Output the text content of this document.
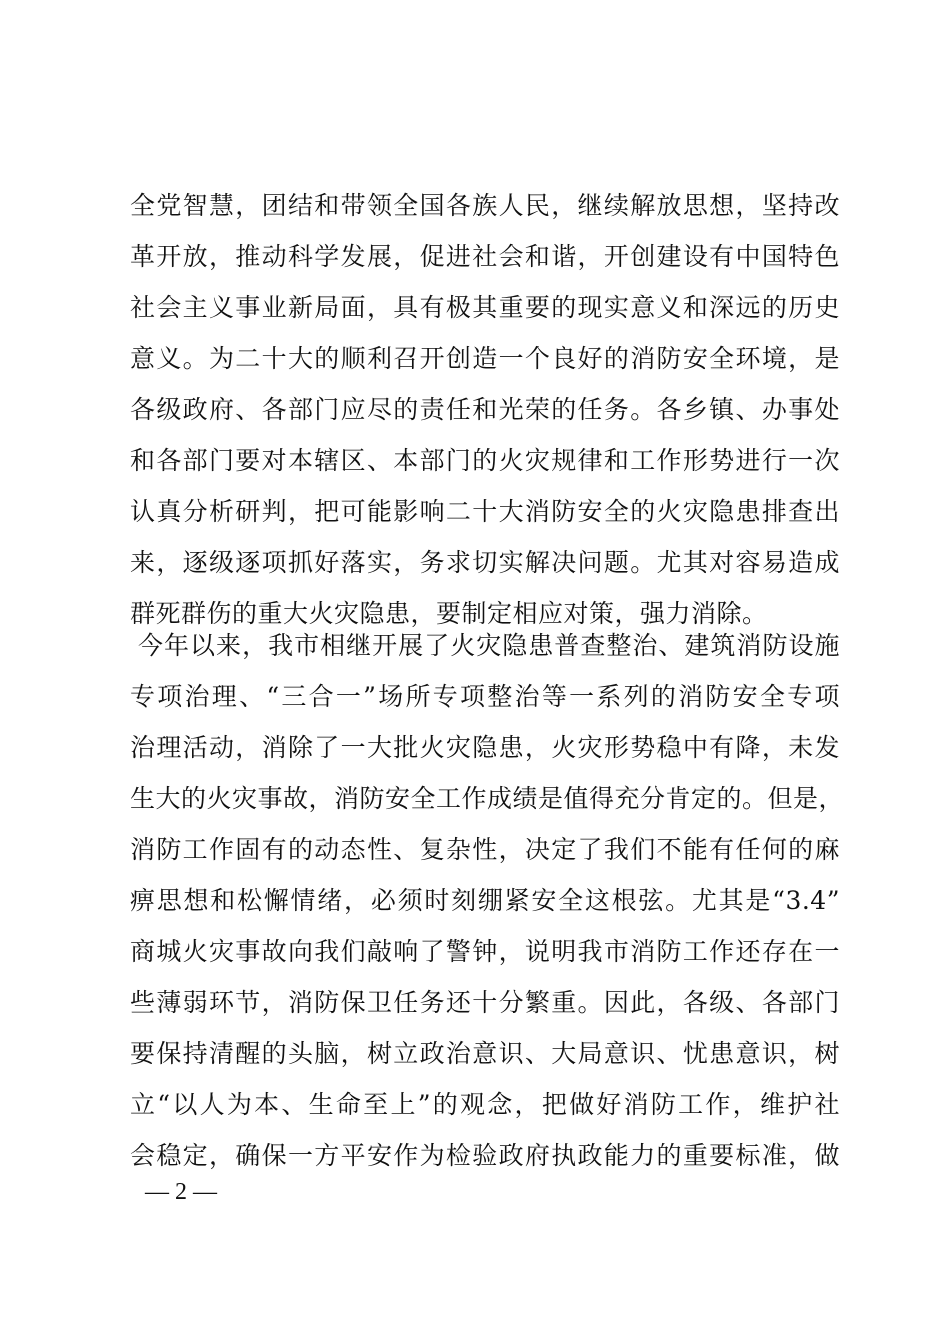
全党智慧，团结和带领全国各族人民，继续解放思想，坚持改
革开放，推动科学发展，促进社会和谐，开创建设有中国特色
社会主义事业新局面，具有极其重要的现实意义和深远的历史
意义。为二十大的顺利召开创造一个良好的消防安全环境，是
各级政府、各部门应尽的责任和光荣的任务。各乡镇、办事处
和各部门要对本辖区、本部门的火灾规律和工作形势进行一次
认真分析研判，把可能影响二十大消防安全的火灾隐患排查出
来，逐级逐项抓好落实，务求切实解决问题。尤其对容易造成
群死群伤的重大火灾隐患，要制定相应对策，强力消除。
今年以来，我市相继开展了火灾隐患普查整治、建筑消防设施
专项治理、“三合一”场所专项整治等一系列的消防安全专项
治理活动，消除了一大批火灾隐患，火灾形势稳中有降，未发
生大的火灾事故，消防安全工作成绩是值得充分肯定的。但是，
消防工作固有的动态性、复杂性，决定了我们不能有任何的麻
痹思想和松懈情绪，必须时刻绷紧安全这根弦。尤其是“3.4”
商城火灾事故向我们敲响了警钟，说明我市消防工作还存在一
些薄弱环节，消防保卫任务还十分繁重。因此，各级、各部门
要保持清醒的头脑，树立政治意识、大局意识、忧患意识，树
立“以人为本、生命至上”的观念，把做好消防工作，维护社
会稳定，确保一方平安作为检验政府执政能力的重要标准，做
— 2 —
